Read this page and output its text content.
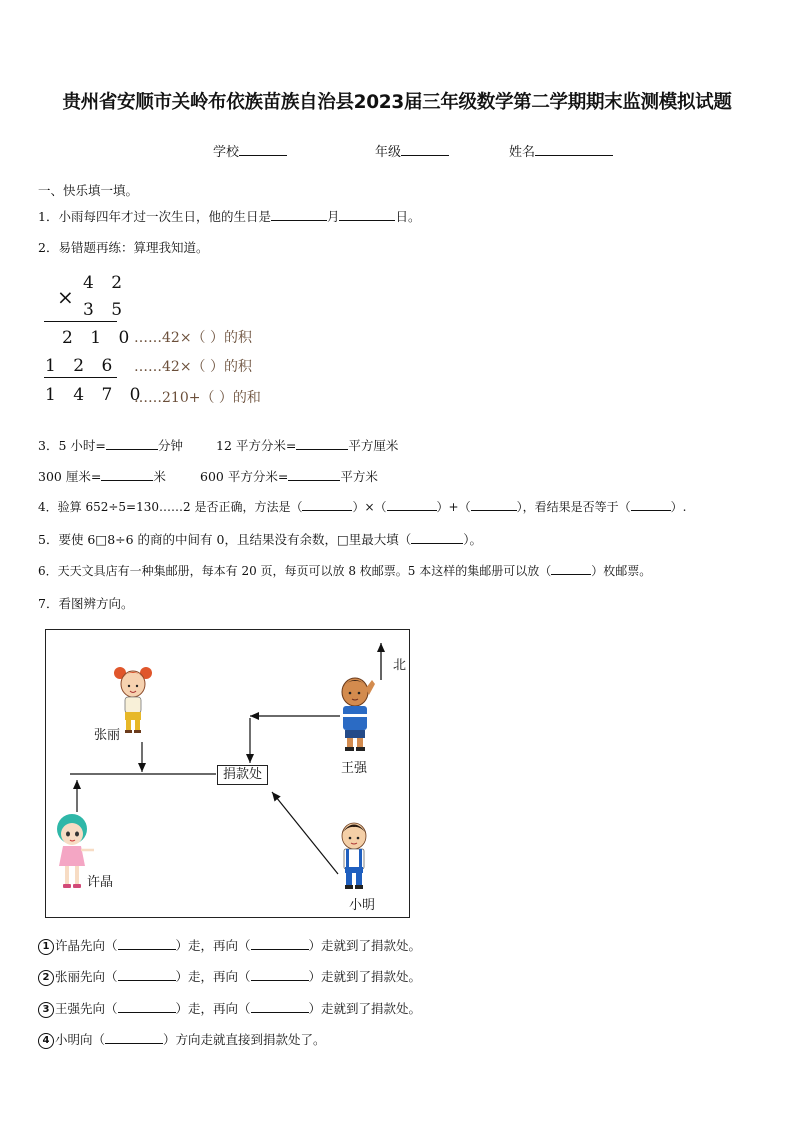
贵州省安顺市关岭布依族苗族自治县2023届三年级数学第二学期期末监测模拟试题
学校	年级	姓名
一、快乐填一填。
1．小雨每四年才过一次生日，他的生日是	月	日。
2．易错题再练：算理我知道。
×
4 2
3 5
2 1 0
1 2 6
1 4 7 0
……42×（ ）的积
……42×（ ）的积
……210+（ ）的和
3．5 小时=	分钟	12 平方分米=	平方厘米
300 厘米=	米	600 平方分米=	平方米
4．验算 652÷5=130……2 是否正确，方法是（	）×（	）+（	），看结果是否等于（	）.
5．要使 6□8÷6 的商的中间有 0，且结果没有余数，□里最大填（	）。
6．天天文具店有一种集邮册，每本有 20 页，每页可以放 8 枚邮票。5 本这样的集邮册可以放（	）枚邮票。
7．看图辨方向。
北
捐款处
张丽
王强
许晶
小明
1 许晶先向（	）走，再向（	）走就到了捐款处。
2 张丽先向（	）走，再向（	）走就到了捐款处。
3 王强先向（	）走，再向（	）走就到了捐款处。
4 小明向（	）方向走就直接到捐款处了。
